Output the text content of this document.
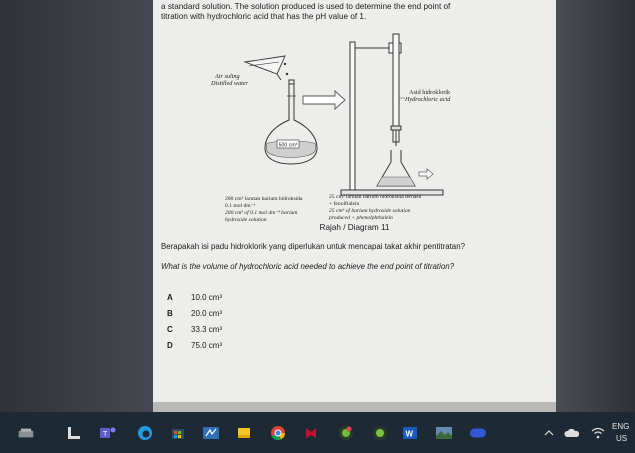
a standard solution. The solution produced is used to determine the end point of
titration with hydrochloric acid that has the pH value of 1.
Air suling
Distilled water
500 cm³
Asid hidroklorik
Hydrochloric acid
200 cm³ larutan barium hidroksida
0.1 mol dm⁻³
200 cm³ of 0.1 mol dm⁻³ barium
hydroxide solution
25 cm³ larutan barium hidroksida terhasil
+ fenolftalein
25 cm³ of barium hydroxide solution
produced + phenolphthalein
Rajah / Diagram 11
Berapakah isi padu hidroklorik yang diperlukan untuk mencapai takat akhir pentitratan?
What is the volume of hydrochloric acid needed to achieve the end point of titration?
A 10.0 cm³
B 20.0 cm³
C 33.3 cm³
D 75.0 cm³
T	W
ENG
US
